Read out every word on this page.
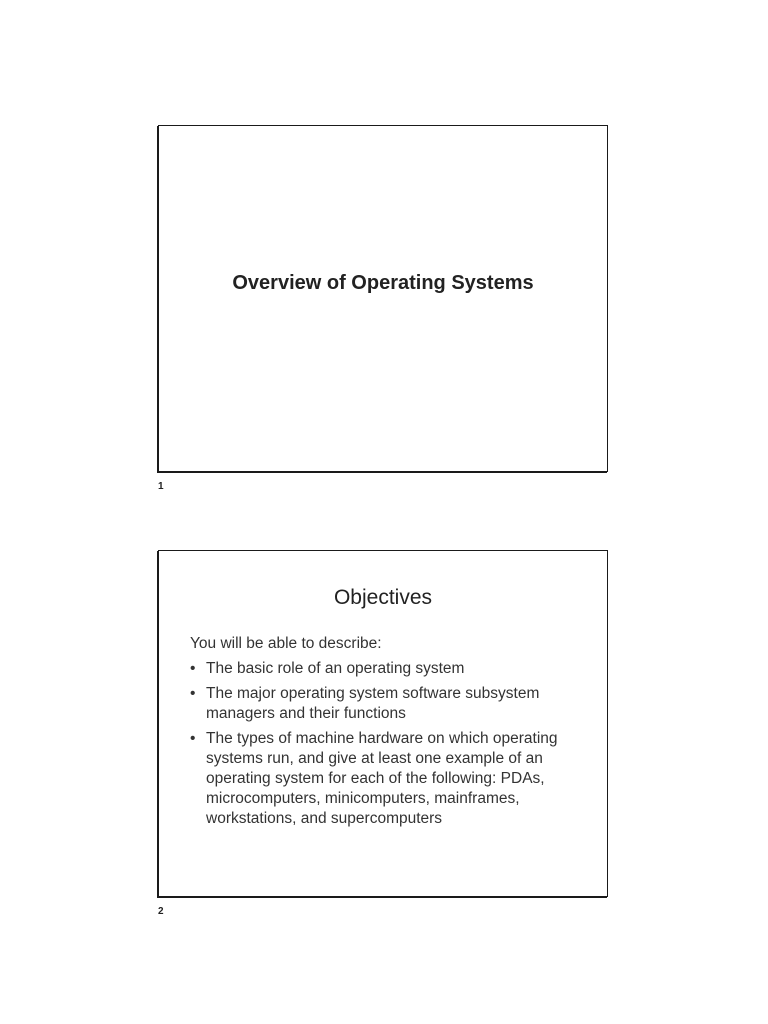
Overview of Operating Systems
1
Objectives

You will be able to describe:

• The basic role of an operating system
• The major operating system software subsystem managers and their functions
• The types of machine hardware on which operating systems run, and give at least one example of an operating system for each of the following: PDAs, microcomputers, minicomputers, mainframes, workstations, and supercomputers
2
